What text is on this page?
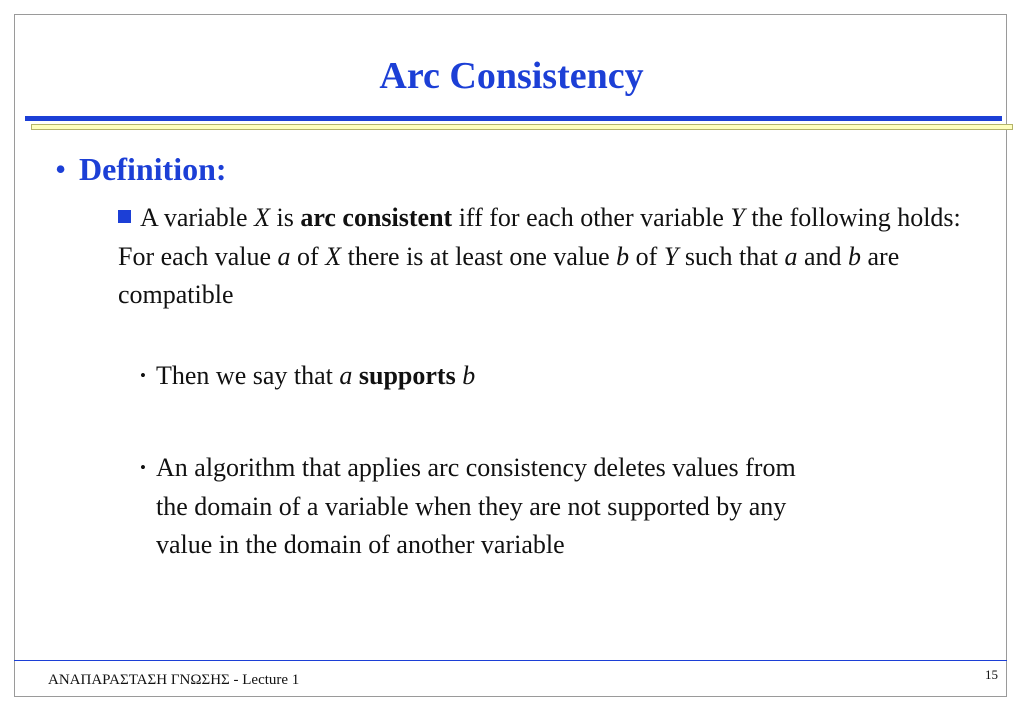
Arc Consistency
• Definition:
A variable X is arc consistent iff for each other variable Y the following holds: For each value a of X there is at least one value b of Y such that a and b are compatible
• Then we say that a supports b
• An algorithm that applies arc consistency deletes values from
the domain of a variable when they are not supported by any
value in the domain of another variable
ΑΝΑΠΑΡΑΣΤΑΣΗ ΓΝΩΣΗΣ - Lecture 1	15
